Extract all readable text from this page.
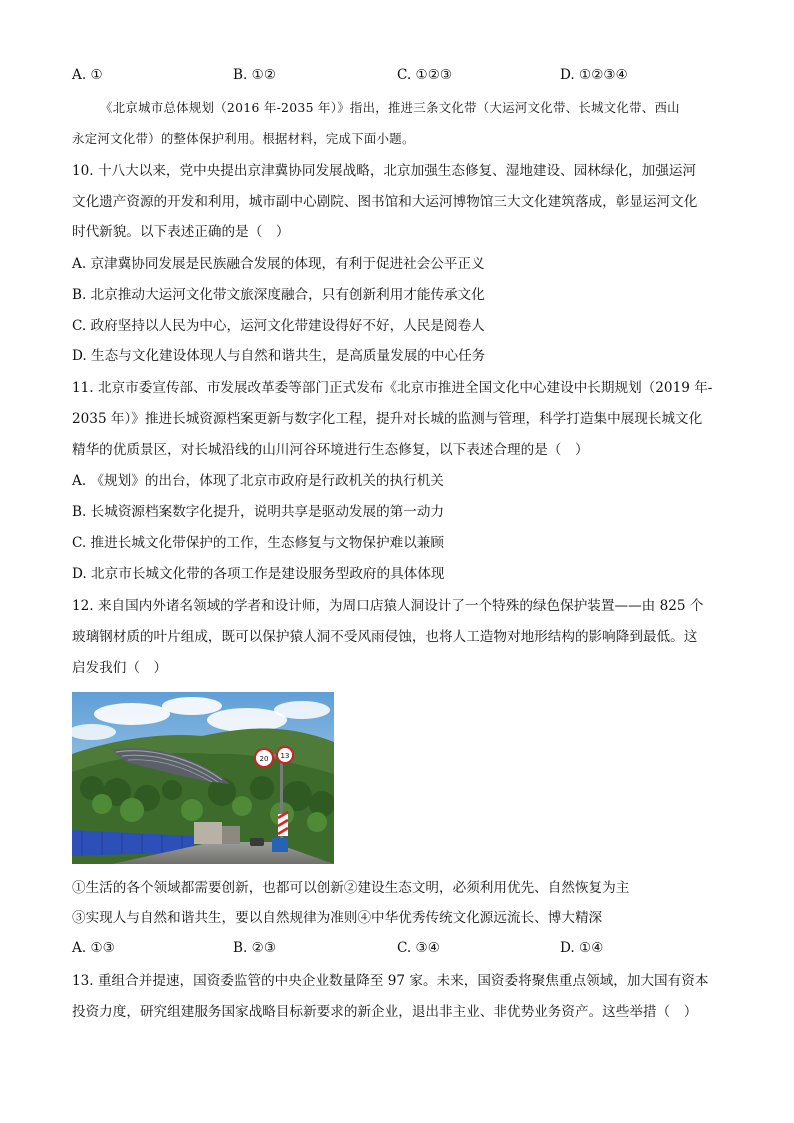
A. ①	B. ①②	C. ①②③	D. ①②③④
《北京城市总体规划（2016 年-2035 年）》指出，推进三条文化带（大运河文化带、长城文化带、西山
永定河文化带）的整体保护利用。根据材料，完成下面小题。
10. 十八大以来，党中央提出京津冀协同发展战略，北京加强生态修复、湿地建设、园林绿化，加强运河
文化遗产资源的开发和利用，城市副中心剧院、图书馆和大运河博物馆三大文化建筑落成，彰显运河文化
时代新貌。以下表述正确的是（　）
A. 京津冀协同发展是民族融合发展的体现，有利于促进社会公平正义
B. 北京推动大运河文化带文旅深度融合，只有创新利用才能传承文化
C. 政府坚持以人民为中心，运河文化带建设得好不好，人民是阅卷人
D. 生态与文化建设体现人与自然和谐共生，是高质量发展的中心任务
11. 北京市委宣传部、市发展改革委等部门正式发布《北京市推进全国文化中心建设中长期规划（2019 年-
2035 年）》推进长城资源档案更新与数字化工程，提升对长城的监测与管理，科学打造集中展现长城文化
精华的优质景区，对长城沿线的山川河谷环境进行生态修复，以下表述合理的是（　）
A. 《规划》的出台，体现了北京市政府是行政机关的执行机关
B. 长城资源档案数字化提升，说明共享是驱动发展的第一动力
C. 推进长城文化带保护的工作，生态修复与文物保护难以兼顾
D. 北京市长城文化带的各项工作是建设服务型政府的具体体现
12. 来自国内外诸名领域的学者和设计师，为周口店猿人洞设计了一个特殊的绿色保护装置——由 825 个
玻璃钢材质的叶片组成，既可以保护猿人洞不受风雨侵蚀，也将人工造物对地形结构的影响降到最低。这
启发我们（　）
20 13
①生活的各个领域都需要创新，也都可以创新②建设生态文明，必须利用优先、自然恢复为主
③实现人与自然和谐共生，要以自然规律为准则④中华优秀传统文化源远流长、博大精深
A. ①③	B. ②③	C. ③④	D. ①④
13. 重组合并提速，国资委监管的中央企业数量降至 97 家。未来，国资委将聚焦重点领域，加大国有资本
投资力度，研究组建服务国家战略目标新要求的新企业，退出非主业、非优势业务资产。这些举措（　）
